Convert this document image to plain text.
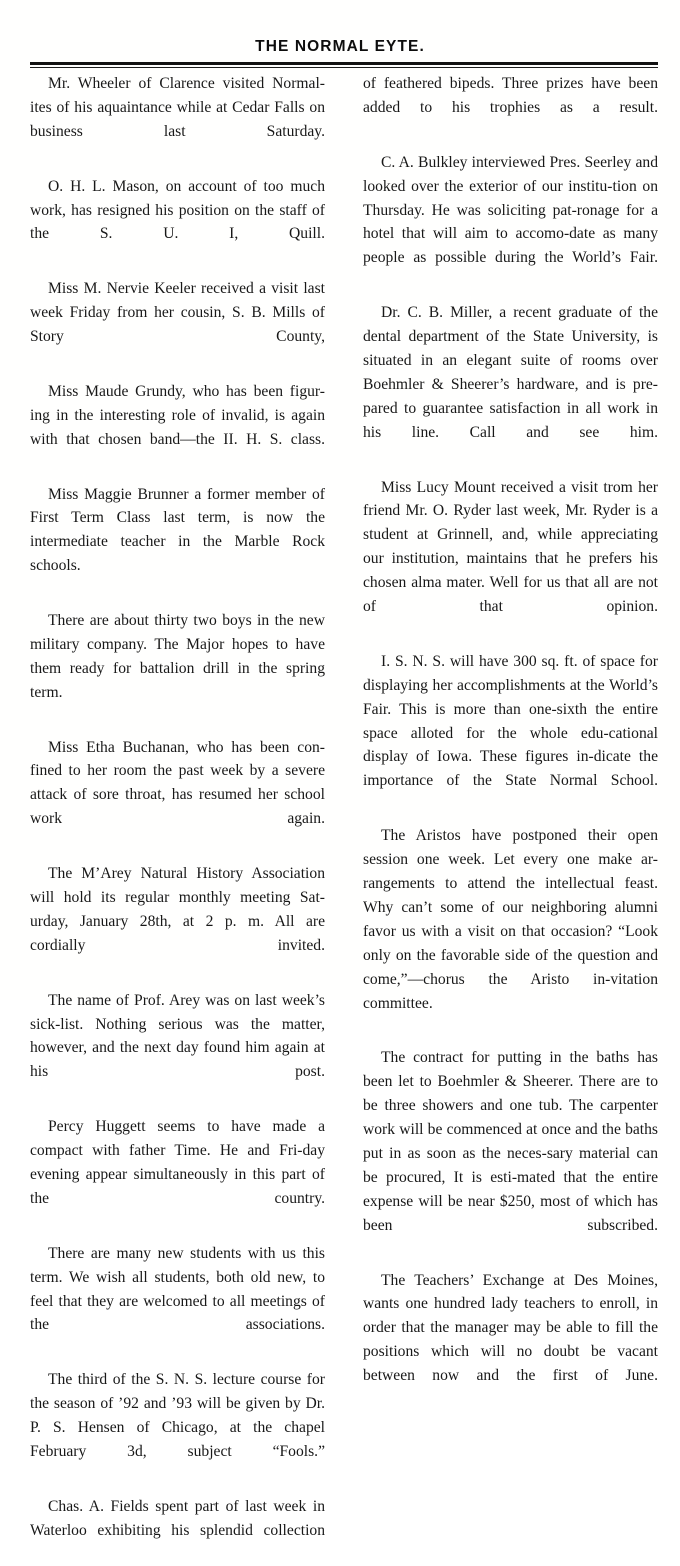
THE NORMAL EYTE.

Mr. Wheeler of Clarence visited Normal-ites of his aquaintance while at Cedar Falls on business last Saturday.

O. H. L. Mason, on account of too much work, has resigned his position on the staff of the S. U. I, Quill.

Miss M. Nervie Keeler received a visit last week Friday from her cousin, S. B. Mills of Story County,

Miss Maude Grundy, who has been figur-ing in the interesting role of invalid, is again with that chosen band—the II. H. S. class.

Miss Maggie Brunner a former member of First Term Class last term, is now the intermediate teacher in the Marble Rock schools.

There are about thirty two boys in the new military company. The Major hopes to have them ready for battalion drill in the spring term.

Miss Etha Buchanan, who has been con-fined to her room the past week by a severe attack of sore throat, has resumed her school work again.

The M’Arey Natural History Association will hold its regular monthly meeting Sat-urday, January 28th, at 2 p. m. All are cordially invited.

The name of Prof. Arey was on last week’s sick-list. Nothing serious was the matter, however, and the next day found him again at his post.

Percy Huggett seems to have made a compact with father Time. He and Fri-day evening appear simultaneously in this part of the country.

There are many new students with us this term. We wish all students, both old new, to feel that they are welcomed to all meetings of the associations.

The third of the S. N. S. lecture course for the season of ’92 and ’93 will be given by Dr. P. S. Hensen of Chicago, at the chapel February 3d, subject “Fools.”

Chas. A. Fields spent part of last week in Waterloo exhibiting his splendid collection

of feathered bipeds. Three prizes have been added to his trophies as a result.

C. A. Bulkley interviewed Pres. Seerley and looked over the exterior of our institu-tion on Thursday. He was soliciting pat-ronage for a hotel that will aim to accomo-date as many people as possible during the World’s Fair.

Dr. C. B. Miller, a recent graduate of the dental department of the State University, is situated in an elegant suite of rooms over Boehmler & Sheerer’s hardware, and is pre-pared to guarantee satisfaction in all work in his line. Call and see him.

Miss Lucy Mount received a visit trom her friend Mr. O. Ryder last week, Mr. Ryder is a student at Grinnell, and, while appreciating our institution, maintains that he prefers his chosen alma mater. Well for us that all are not of that opinion.

I. S. N. S. will have 300 sq. ft. of space for displaying her accomplishments at the World’s Fair. This is more than one-sixth the entire space alloted for the whole edu-cational display of Iowa. These figures in-dicate the importance of the State Normal School.

The Aristos have postponed their open session one week. Let every one make ar-rangements to attend the intellectual feast. Why can’t some of our neighboring alumni favor us with a visit on that occasion? “Look only on the favorable side of the question and come,”—chorus the Aristo in-vitation committee.

The contract for putting in the baths has been let to Boehmler & Sheerer. There are to be three showers and one tub. The carpenter work will be commenced at once and the baths put in as soon as the neces-sary material can be procured, It is esti-mated that the entire expense will be near $250, most of which has been subscribed.

The Teachers’ Exchange at Des Moines, wants one hundred lady teachers to enroll, in order that the manager may be able to fill the positions which will no doubt be vacant between now and the first of June.
